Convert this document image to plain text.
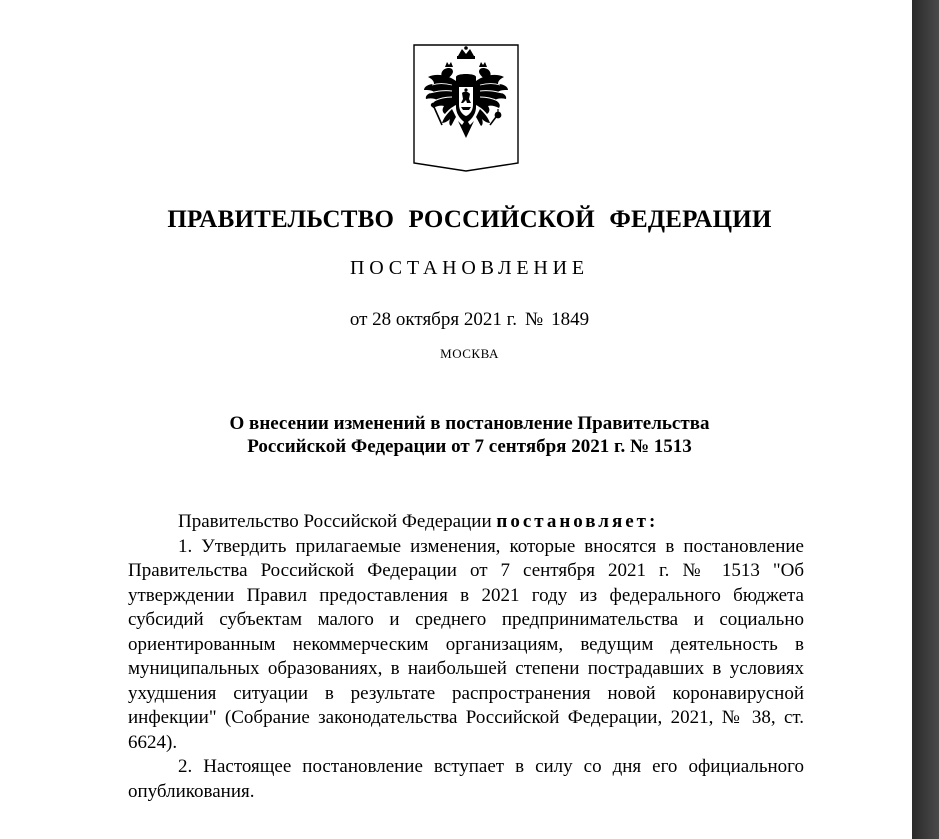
ПРАВИТЕЛЬСТВО РОССИЙСКОЙ ФЕДЕРАЦИИ
ПОСТАНОВЛЕНИЕ
от 28 октября 2021 г. № 1849
МОСКВА
О внесении изменений в постановление Правительства
Российской Федерации от 7 сентября 2021 г. № 1513

Правительство Российской Федерации постановляет:

1. Утвердить прилагаемые изменения, которые вносятся в постановление Правительства Российской Федерации от 7 сентября 2021 г. № 1513 "Об утверждении Правил предоставления в 2021 году из федерального бюджета субсидий субъектам малого и среднего предпринимательства и социально ориентированным некоммерческим организациям, ведущим деятельность в муниципальных образованиях, в наибольшей степени пострадавших в условиях ухудшения ситуации в результате распространения новой коронавирусной инфекции" (Собрание законодательства Российской Федерации, 2021, № 38, ст. 6624).

2. Настоящее постановление вступает в силу со дня его официального опубликования.
